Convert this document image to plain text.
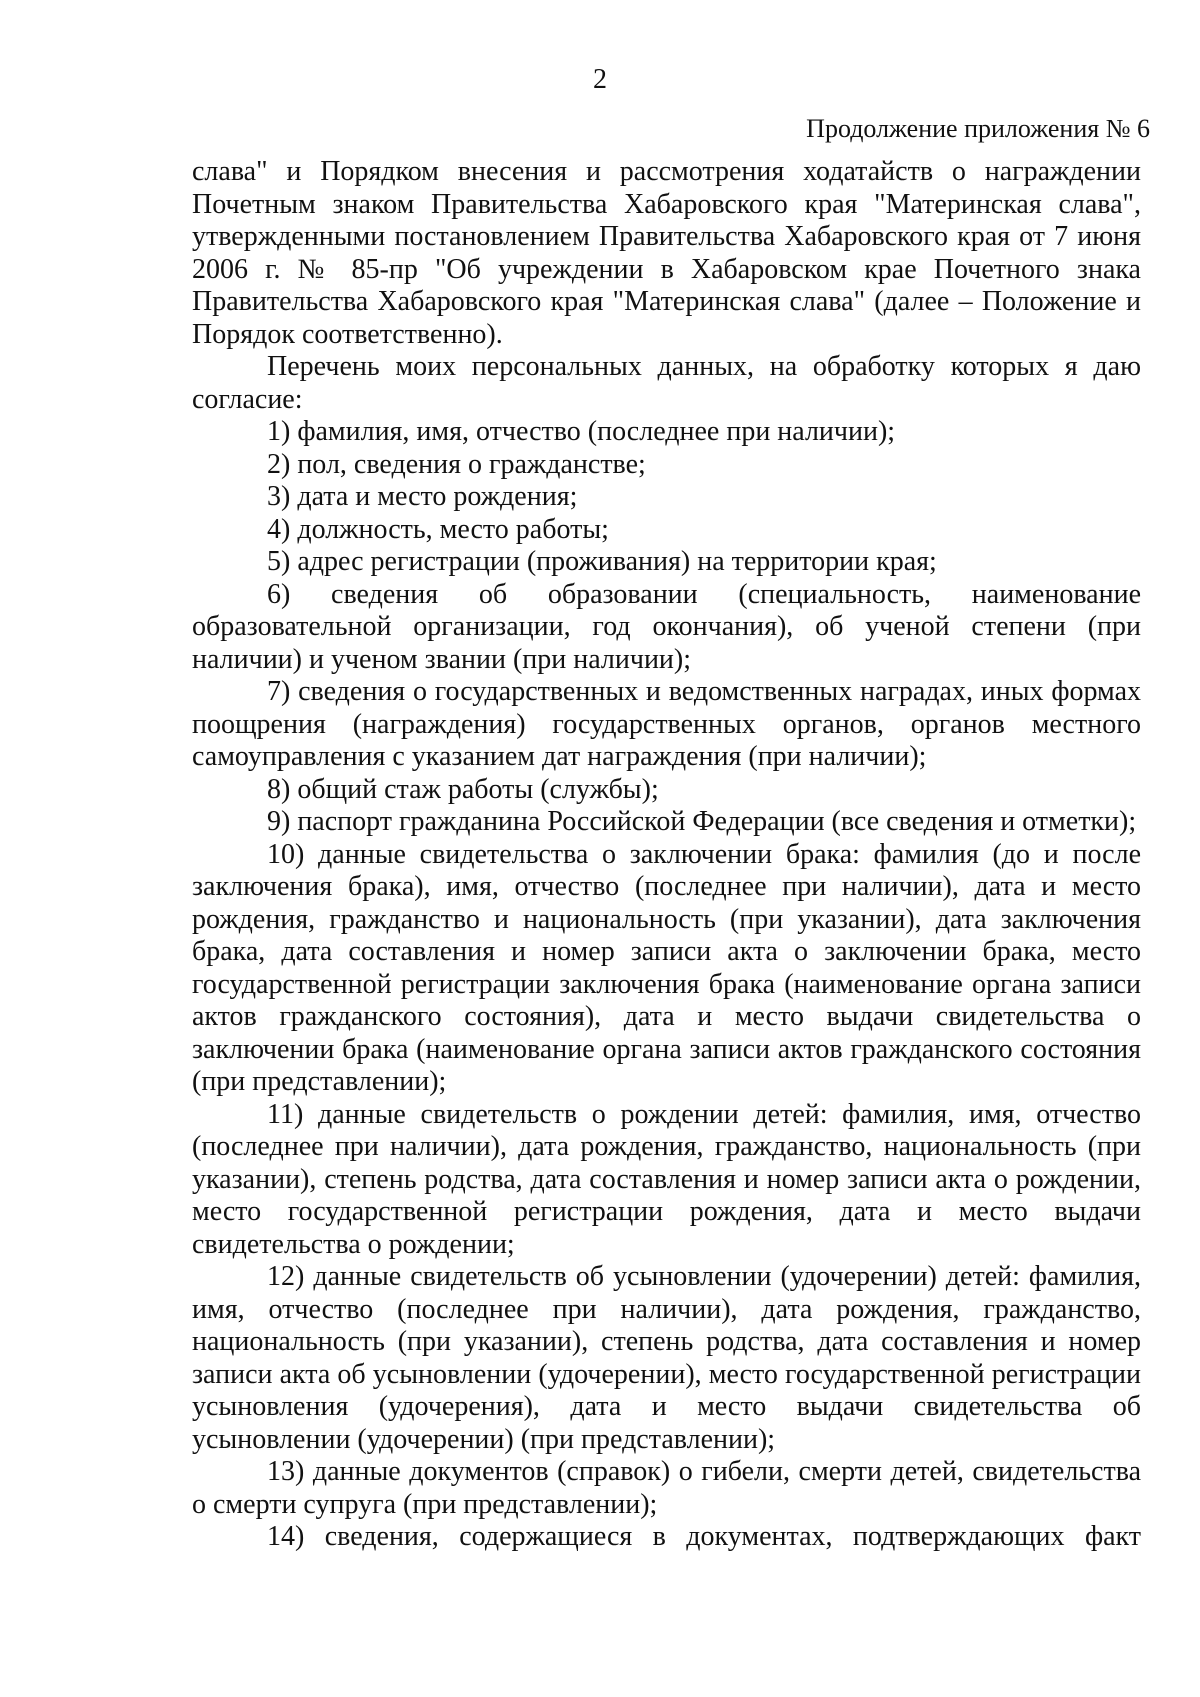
2
Продолжение приложения № 6

слава" и Порядком внесения и рассмотрения ходатайств о награждении Почетным знаком Правительства Хабаровского края "Материнская слава", утвержденными постановлением Правительства Хабаровского края от 7 июня 2006 г. № 85-пр "Об учреждении в Хабаровском крае Почетного знака Правительства Хабаровского края "Материнская слава" (далее – Положение и Порядок соответственно).

Перечень моих персональных данных, на обработку которых я даю согласие:

1) фамилия, имя, отчество (последнее при наличии);

2) пол, сведения о гражданстве;

3) дата и место рождения;

4) должность, место работы;

5) адрес регистрации (проживания) на территории края;

6) сведения об образовании (специальность, наименование образовательной организации, год окончания), об ученой степени (при наличии) и ученом звании (при наличии);

7) сведения о государственных и ведомственных наградах, иных формах поощрения (награждения) государственных органов, органов местного самоуправления с указанием дат награждения (при наличии);

8) общий стаж работы (службы);

9) паспорт гражданина Российской Федерации (все сведения и отметки);

10) данные свидетельства о заключении брака: фамилия (до и после заключения брака), имя, отчество (последнее при наличии), дата и место рождения, гражданство и национальность (при указании), дата заключения брака, дата составления и номер записи акта о заключении брака, место государственной регистрации заключения брака (наименование органа записи актов гражданского состояния), дата и место выдачи свидетельства о заключении брака (наименование органа записи актов гражданского состояния (при представлении);

11) данные свидетельств о рождении детей: фамилия, имя, отчество (последнее при наличии), дата рождения, гражданство, национальность (при указании), степень родства, дата составления и номер записи акта о рождении, место государственной регистрации рождения, дата и место выдачи свидетельства о рождении;

12) данные свидетельств об усыновлении (удочерении) детей: фамилия, имя, отчество (последнее при наличии), дата рождения, гражданство, национальность (при указании), степень родства, дата составления и номер записи акта об усыновлении (удочерении), место государственной регистрации усыновления (удочерения), дата и место выдачи свидетельства об усыновлении (удочерении) (при представлении);

13) данные документов (справок) о гибели, смерти детей, свидетельства о смерти супруга (при представлении);

14) сведения, содержащиеся в документах, подтверждающих факт
